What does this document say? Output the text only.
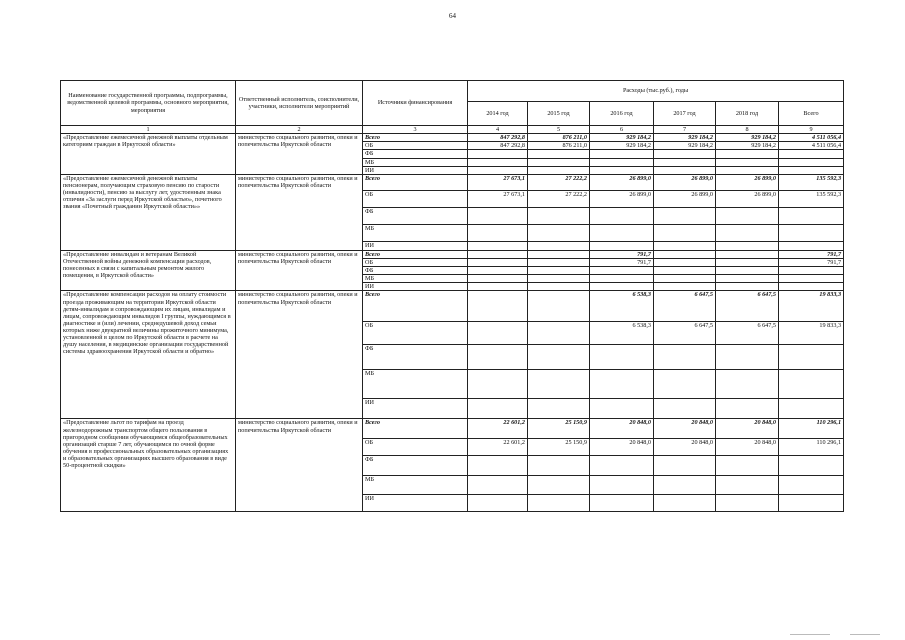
64
Наименование государственной программы, подпрограммы, ведомственной целевой программы, основного мероприятия, мероприятия	Ответственный исполнитель, соисполнители, участники, исполнители мероприятий	Источники финансирования	Расходы (тыс.руб.), годы					
			2014 год	2015 год	2016 год	2017 год	2018 год	Всего
1	2	3	4	5	6	7	8	9
«Предоставление ежемесячной денежной выплаты отдельным категориям граждан в Иркутской области»	министерство социального развития, опеки и попечительства Иркутской области	Всего	847 292,8	876 211,0	929 184,2	929 184,2	929 184,2	4 511 056,4
		ОБ	847 292,8	876 211,0	929 184,2	929 184,2	929 184,2	4 511 056,4
		ФБ						
		МБ						
		ИИ						
«Предоставление ежемесячной денежной выплаты пенсионерам, получающим страховую пенсию по старости (инвалидности), пенсию за выслугу лет, удостоенным знака отличия «За заслуги перед Иркутской областью», почетного звания «Почетный гражданин Иркутской области»»	министерство социального развития, опеки и попечительства Иркутской области	Всего	27 673,1	27 222,2	26 899,0	26 899,0	26 899,0	135 592,3
		ОБ	27 673,1	27 222,2	26 899,0	26 899,0	26 899,0	135 592,3
		ФБ						
		МБ						
		ИИ						
«Предоставление инвалидам и ветеранам Великой Отечественной войны денежной компенсации расходов, понесенных в связи с капитальным ремонтом жилого помещения, в Иркутской области»	министерство социального развития, опеки и попечительства Иркутской области	Всего			791,7			791,7
		ОБ			791,7			791,7
		ФБ						
		МБ						
		ИИ						
«Предоставление компенсации расходов на оплату стоимости проезда проживающим на территории Иркутской области детям-инвалидам и сопровождающим их лицам, инвалидам и лицам, сопровождающим инвалидов I группы, нуждающимся в диагностике и (или) лечении, среднедушевой доход семьи которых ниже двукратной величины прожиточного минимума, установленной в целом по Иркутской области в расчете на душу населения, в медицинские организации государственной системы здравоохранения Иркутской области и обратно»	министерство социального развития, опеки и попечительства Иркутской области	Всего			6 538,3	6 647,5	6 647,5	19 833,3
		ОБ			6 538,3	6 647,5	6 647,5	19 833,3
		ФБ						
		МБ						
		ИИ						
«Предоставление льгот по тарифам на проезд железнодорожным транспортом общего пользования в пригородном сообщении обучающимся общеобразовательных организаций старше 7 лет, обучающимся по очной форме обучения в профессиональных образовательных организациях и образовательных организациях высшего образования в виде 50-процентной скидки»	министерство социального развития, опеки и попечительства Иркутской области	Всего	22 601,2	25 150,9	20 848,0	20 848,0	20 848,0	110 296,1
		ОБ	22 601,2	25 150,9	20 848,0	20 848,0	20 848,0	110 296,1
		ФБ						
		МБ						
		ИИ						
